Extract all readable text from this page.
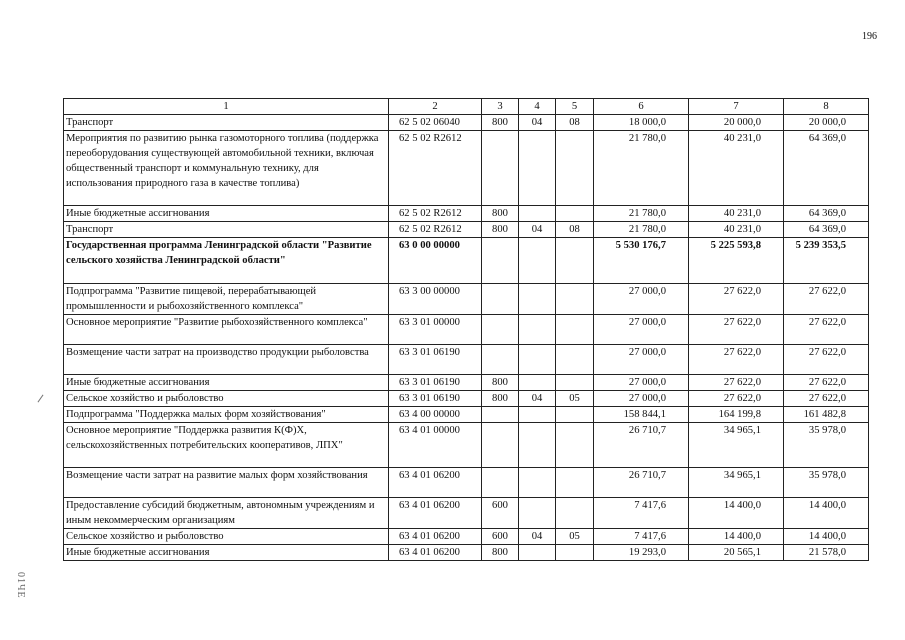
196
01ЧЕ
1	2	3	4	5	6	7	8
Транспорт	62 5 02 06040	800	04	08	18 000,0	20 000,0	20 000,0
Мероприятия по развитию рынка газомоторного топлива (поддержка переоборудования существующей автомобильной техники, включая общественный транспорт и коммунальную технику, для использования природного газа в качестве топлива)	62 5 02 R2612				21 780,0	40 231,0	64 369,0
Иные бюджетные ассигнования	62 5 02 R2612	800			21 780,0	40 231,0	64 369,0
Транспорт	62 5 02 R2612	800	04	08	21 780,0	40 231,0	64 369,0
Государственная программа Ленинградской области "Развитие сельского хозяйства Ленинградской области"	63 0 00 00000				5 530 176,7	5 225 593,8	5 239 353,5
Подпрограмма "Развитие пищевой, перерабатывающей промышленности и рыбохозяйственного комплекса"	63 3 00 00000				27 000,0	27 622,0	27 622,0
Основное мероприятие "Развитие рыбохозяйственного комплекса"	63 3 01 00000				27 000,0	27 622,0	27 622,0
Возмещение части затрат на производство продукции рыболовства	63 3 01 06190				27 000,0	27 622,0	27 622,0
Иные бюджетные ассигнования	63 3 01 06190	800			27 000,0	27 622,0	27 622,0
Сельское хозяйство и рыболовство	63 3 01 06190	800	04	05	27 000,0	27 622,0	27 622,0
Подпрограмма "Поддержка малых форм хозяйствования"	63 4 00 00000				158 844,1	164 199,8	161 482,8
Основное мероприятие "Поддержка развития К(Ф)Х, сельскохозяйственных потребительских кооперативов, ЛПХ"	63 4 01 00000				26 710,7	34 965,1	35 978,0
Возмещение части затрат на развитие малых форм хозяйствования	63 4 01 06200				26 710,7	34 965,1	35 978,0
Предоставление субсидий бюджетным, автономным учреждениям и иным некоммерческим организациям	63 4 01 06200	600			7 417,6	14 400,0	14 400,0
Сельское хозяйство и рыболовство	63 4 01 06200	600	04	05	7 417,6	14 400,0	14 400,0
Иные бюджетные ассигнования	63 4 01 06200	800			19 293,0	20 565,1	21 578,0
